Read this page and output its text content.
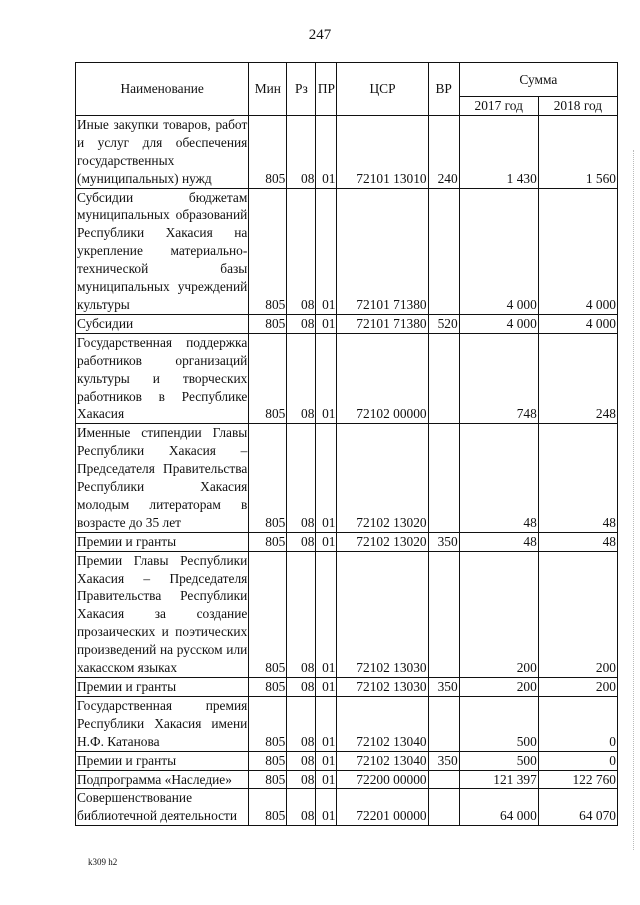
247
Наименование	Мин	Рз	ПР	ЦСР	ВР	Сумма	
						2017 год	2018 год
Иные закупки товаров, работ и услуг для обеспечения государственных (муниципальных) нужд	805	08	01	72101 13010	240	1 430	1 560
Субсидии бюджетам муниципальных образований Республики Хакасия на укрепление материально-технической базы муниципальных учреждений культуры	805	08	01	72101 71380		4 000	4 000
Субсидии	805	08	01	72101 71380	520	4 000	4 000
Государственная поддержка работников организаций культуры и творческих работников в Республике Хакасия	805	08	01	72102 00000		748	248
Именные стипендии Главы Республики Хакасия – Председателя Правительства Республики Хакасия молодым литераторам в возрасте до 35 лет	805	08	01	72102 13020		48	48
Премии и гранты	805	08	01	72102 13020	350	48	48
Премии Главы Республики Хакасия – Председателя Правительства Республики Хакасия за создание прозаических и поэтических произведений на русском или хакасском языках	805	08	01	72102 13030		200	200
Премии и гранты	805	08	01	72102 13030	350	200	200
Государственная премия Республики Хакасия имени Н.Ф. Катанова	805	08	01	72102 13040		500	0
Премии и гранты	805	08	01	72102 13040	350	500	0
Подпрограмма «Наследие»	805	08	01	72200 00000		121 397	122 760
Совершенствование библиотечной деятельности	805	08	01	72201 00000		64 000	64 070
k309 h2
